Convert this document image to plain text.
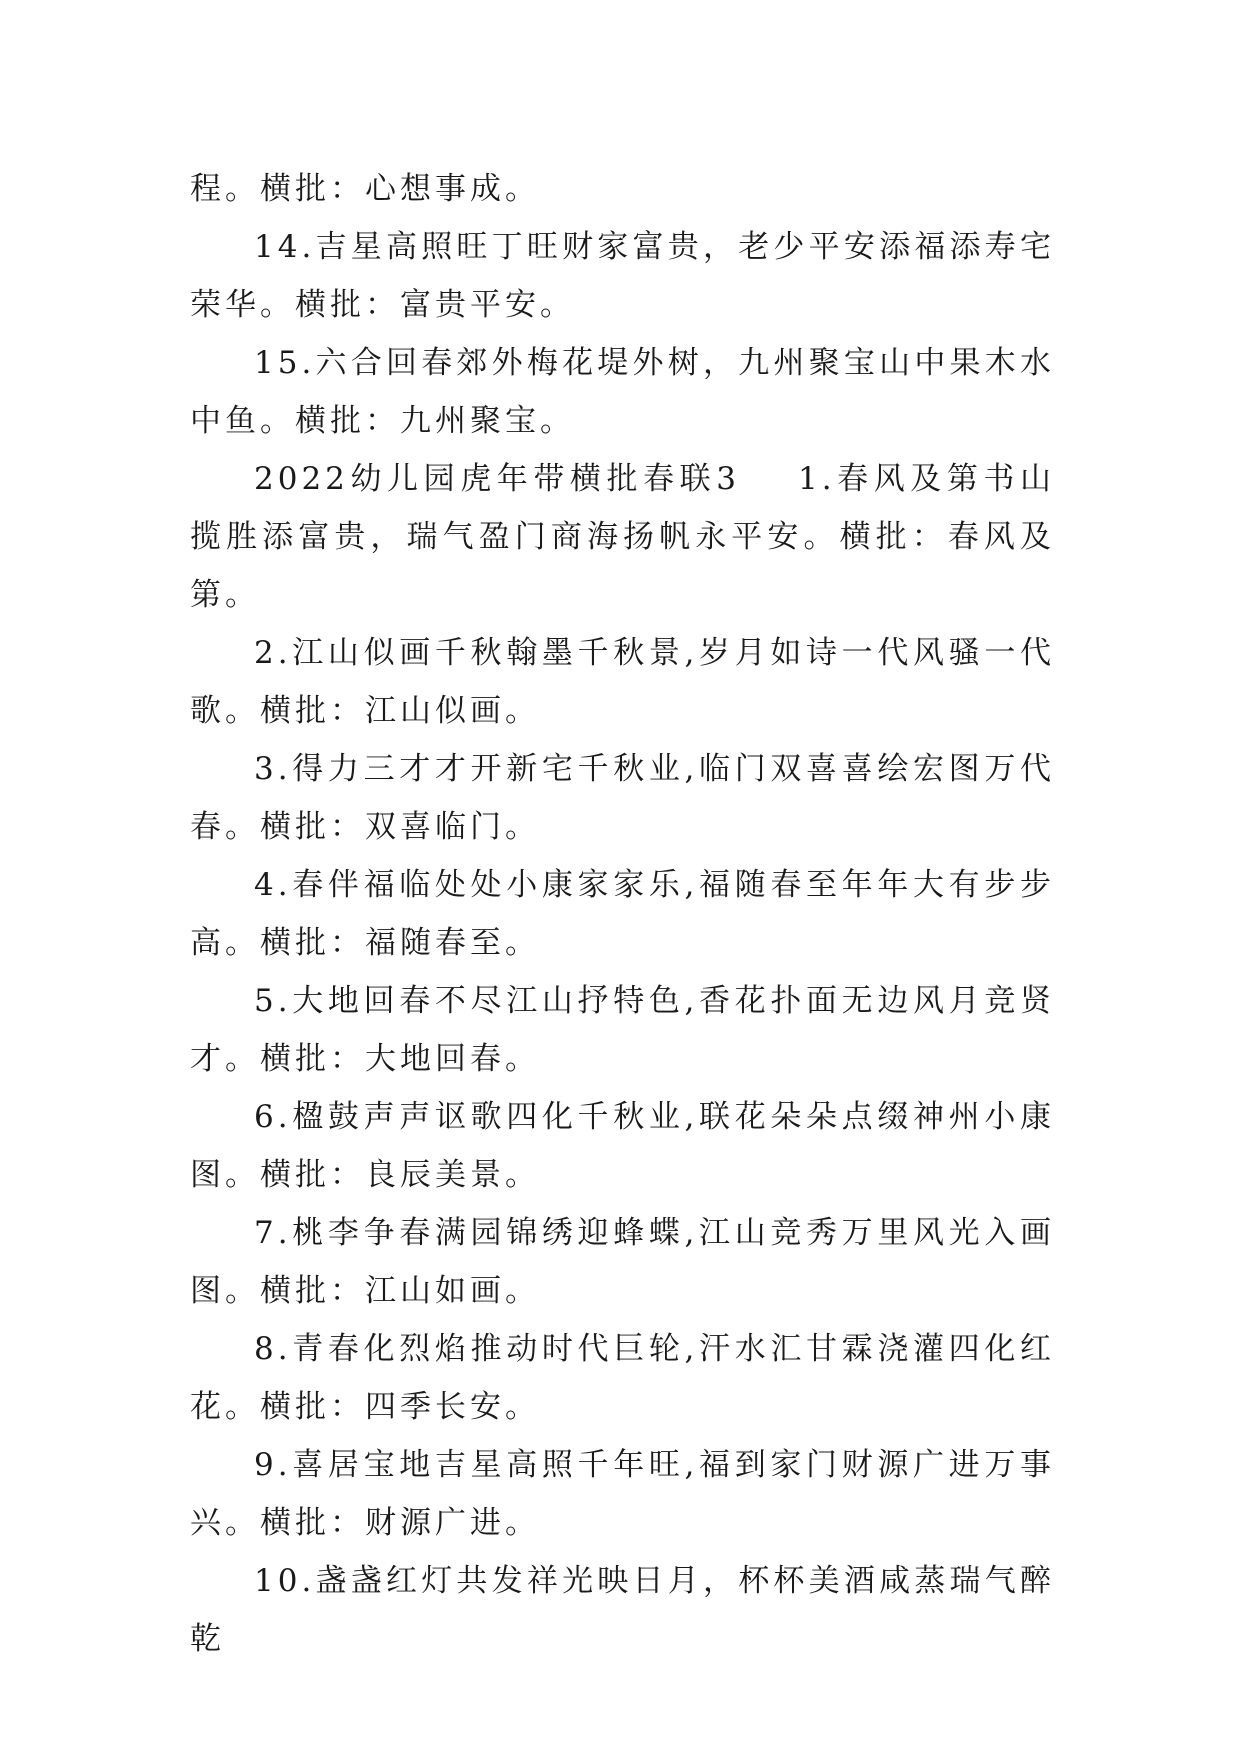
程。横批：心想事成。

14.吉星高照旺丁旺财家富贵，老少平安添福添寿宅荣华。横批：富贵平安。

15.六合回春郊外梅花堤外树，九州聚宝山中果木水中鱼。横批：九州聚宝。

2022幼儿园虎年带横批春联3 1.春风及第书山揽胜添富贵，瑞气盈门商海扬帆永平安。横批：春风及第。

2.江山似画千秋翰墨千秋景,岁月如诗一代风骚一代歌。横批：江山似画。

3.得力三才才开新宅千秋业,临门双喜喜绘宏图万代春。横批：双喜临门。

4.春伴福临处处小康家家乐,福随春至年年大有步步高。横批：福随春至。

5.大地回春不尽江山抒特色,香花扑面无边风月竞贤才。横批：大地回春。

6.楹鼓声声讴歌四化千秋业,联花朵朵点缀神州小康图。横批：良辰美景。

7.桃李争春满园锦绣迎蜂蝶,江山竞秀万里风光入画图。横批：江山如画。

8.青春化烈焰推动时代巨轮,汗水汇甘霖浇灌四化红花。横批：四季长安。

9.喜居宝地吉星高照千年旺,福到家门财源广进万事兴。横批：财源广进。

10.盏盏红灯共发祥光映日月，杯杯美酒咸蒸瑞气醉乾
